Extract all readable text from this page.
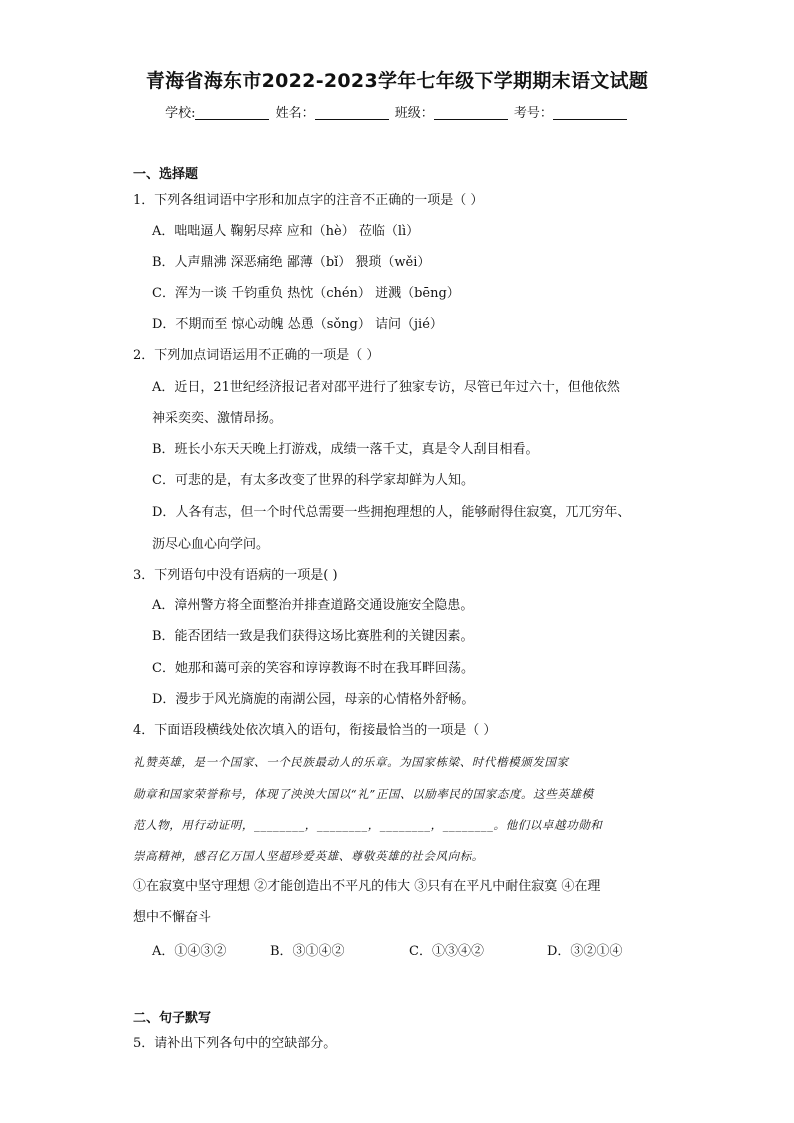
青海省海东市2022-2023学年七年级下学期期末语文试题
学校:	姓名：	班级：	考号：
一、选择题
1．下列各组词语中字形和加点字的注音不正确的一项是（ ）
A．咄咄逼人 鞠躬尽瘁 应和（hè） 莅临（lì）
B．人声鼎沸 深恶痛绝 鄙薄（bǐ） 猥琐（wěi）
C．浑为一谈 千钧重负 热忱（chén） 迸溅（bēng）
D．不期而至 惊心动魄 怂恿（sǒng） 诘问（jié）
2．下列加点词语运用不正确的一项是（ ）
A．近日，21世纪经济报记者对邵平进行了独家专访，尽管已年过六十，但他依然
神采奕奕、激情昂扬。
B．班长小东天天晚上打游戏，成绩一落千丈，真是令人刮目相看。
C．可悲的是，有太多改变了世界的科学家却鲜为人知。
D．人各有志，但一个时代总需要一些拥抱理想的人，能够耐得住寂寞，兀兀穷年、
沥尽心血心向学问。
3．下列语句中没有语病的一项是( )
A．漳州警方将全面整治并排查道路交通设施安全隐患。
B．能否团结一致是我们获得这场比赛胜利的关键因素。
C．她那和蔼可亲的笑容和谆谆教诲不时在我耳畔回荡。
D．漫步于风光旖旎的南湖公园，母亲的心情格外舒畅。
4．下面语段横线处依次填入的语句，衔接最恰当的一项是（ ）
礼赞英雄，是一个国家、一个民族最动人的乐章。为国家栋梁、时代楷模颁发国家
勋章和国家荣誉称号，体现了泱泱大国以“礼”正国、以励率民的国家态度。这些英雄模
范人物，用行动证明，________，________，________，________。他们以卓越功勋和
崇高精神，感召亿万国人坚超珍爱英雄、尊敬英雄的社会风向标。
①在寂寞中坚守理想 ②才能创造出不平凡的伟大 ③只有在平凡中耐住寂寞 ④在理
想中不懈奋斗
A．①④③②	B．③①④②	C．①③④②	D．③②①④
二、句子默写
5．请补出下列各句中的空缺部分。
